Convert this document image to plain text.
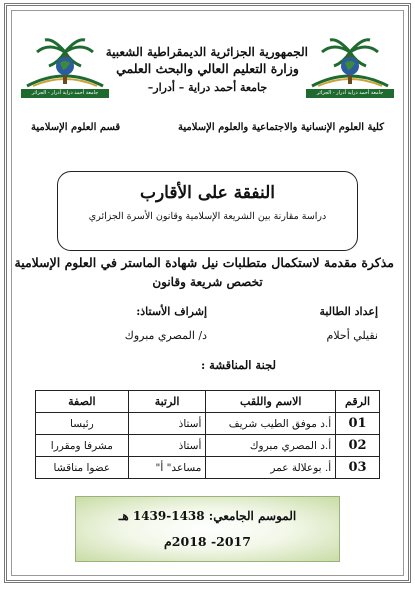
جامعة أحمد دراية أدرار - الجزائر	جامعة أحمد دراية أدرار - الجزائر
الجمهورية الجزائرية الديمقراطية الشعبية
وزارة التعليم العالي والبحث العلمي
جامعة أحمد دراية – أدرار–
كلية العلوم الإنسانية والاجتماعية والعلوم الإسلامية
قسم العلوم الإسلامية
النفقة على الأقارب
دراسة مقارنة بين الشريعة الإسلامية وقانون الأسرة الجزائري
مذكرة مقدمة لاستكمال متطلبات نيل شهادة الماستر في العلوم الإسلامية
تخصص شريعة وقانون
إعداد الطالبة
نقيلي أحلام
إشراف الأستاذ:
د/ المصري مبروك
لجنة المناقشة :
الرقم	الاسم واللقب	الرتبة	الصفة
01	أ.د موفق الطيب شريف	أستاذ	رئيسا
02	أ.د المصري مبروك	أستاذ	مشرفا ومقررا
03	أ. بوعلالة عمر	مساعد" أ"	عضوا مناقشا
الموسم الجامعي: 1438-1439 هـ
2017- 2018م
